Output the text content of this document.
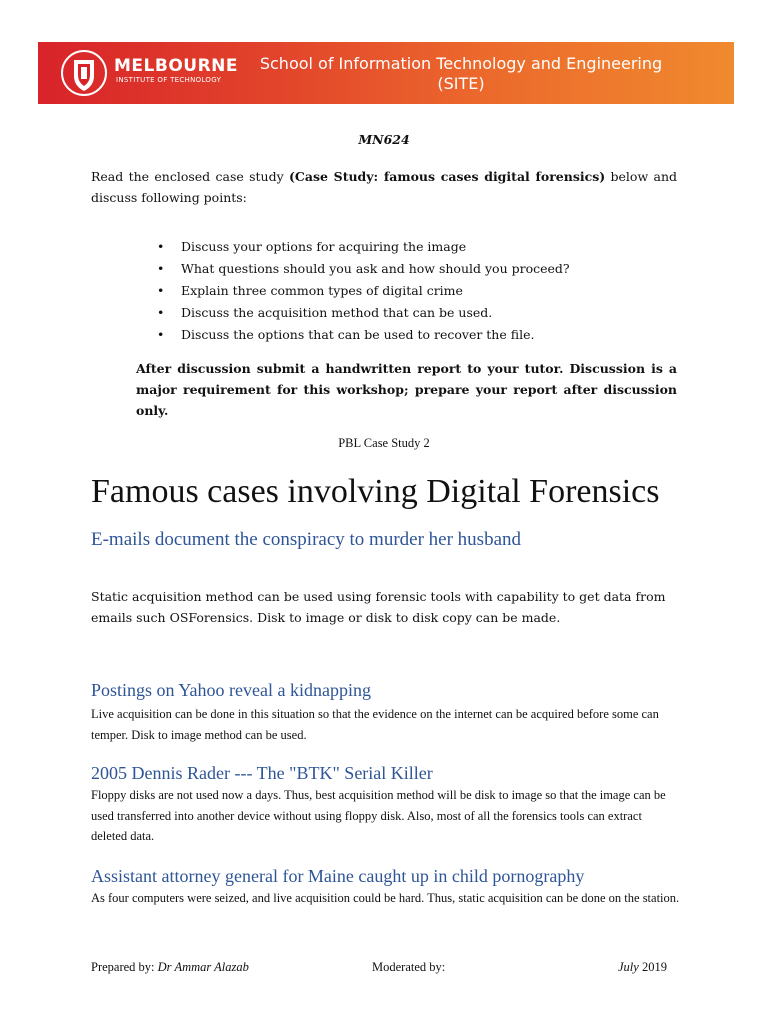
MELBOURNE
INSTITUTE OF TECHNOLOGY
School of Information Technology and Engineering
(SITE)
MN624
Read the enclosed case study (Case Study: famous cases digital forensics) below and discuss following points:
• Discuss your options for acquiring the image
• What questions should you ask and how should you proceed?
• Explain three common types of digital crime
• Discuss the acquisition method that can be used.
• Discuss the options that can be used to recover the file.
After discussion submit a handwritten report to your tutor. Discussion is a major requirement for this workshop; prepare your report after discussion only.
PBL Case Study 2
Famous cases involving Digital Forensics
E-mails document the conspiracy to murder her husband
Static acquisition method can be used using forensic tools with capability to get data from emails such OSForensics. Disk to image or disk to disk copy can be made.
Postings on Yahoo reveal a kidnapping
Live acquisition can be done in this situation so that the evidence on the internet can be acquired before some can temper. Disk to image method can be used.
2005 Dennis Rader --- The "BTK" Serial Killer
Floppy disks are not used now a days. Thus, best acquisition method will be disk to image so that the image can be used transferred into another device without using floppy disk. Also, most of all the forensics tools can extract deleted data.
Assistant attorney general for Maine caught up in child pornography
As four computers were seized, and live acquisition could be hard. Thus, static acquisition can be done on the station.
Prepared by: Dr Ammar Alazab	Moderated by:	July 2019
